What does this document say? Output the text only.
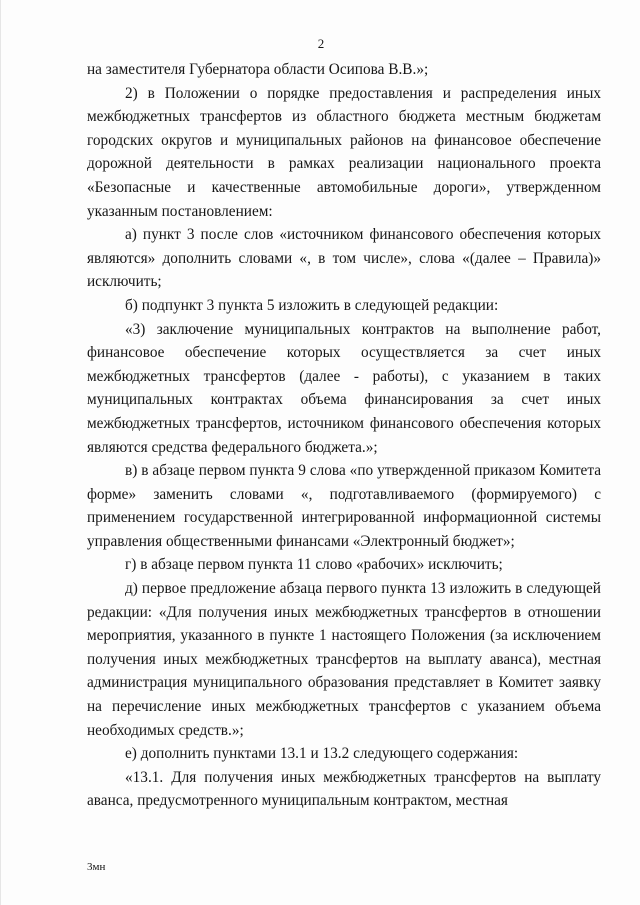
2

на заместителя Губернатора области Осипова В.В.»;

2) в Положении о порядке предоставления и распределения иных межбюджетных трансфертов из областного бюджета местным бюджетам городских округов и муниципальных районов на финансовое обеспечение дорожной деятельности в рамках реализации национального проекта «Безопасные и качественные автомобильные дороги», утвержденном указанным постановлением:

а) пункт 3 после слов «источником финансового обеспечения которых являются» дополнить словами «, в том числе», слова «(далее – Правила)» исключить;

б) подпункт 3 пункта 5 изложить в следующей редакции:

«3) заключение муниципальных контрактов на выполнение работ, финансовое обеспечение которых осуществляется за счет иных межбюджетных трансфертов (далее - работы), с указанием в таких муниципальных контрактах объема финансирования за счет иных межбюджетных трансфертов, источником финансового обеспечения которых являются средства федерального бюджета.»;

в) в абзаце первом пункта 9 слова «по утвержденной приказом Комитета форме» заменить словами «, подготавливаемого (формируемого) с применением государственной интегрированной информационной системы управления общественными финансами «Электронный бюджет»;

г) в абзаце первом пункта 11 слово «рабочих» исключить;

д) первое предложение абзаца первого пункта 13 изложить в следующей редакции: «Для получения иных межбюджетных трансфертов в отношении мероприятия, указанного в пункте 1 настоящего Положения (за исключением получения иных межбюджетных трансфертов на выплату аванса), местная администрация муниципального образования представляет в Комитет заявку на перечисление иных межбюджетных трансфертов с указанием объема необходимых средств.»;

е) дополнить пунктами 13.1 и 13.2 следующего содержания:

«13.1. Для получения иных межбюджетных трансфертов на выплату аванса, предусмотренного муниципальным контрактом, местная

3мн
